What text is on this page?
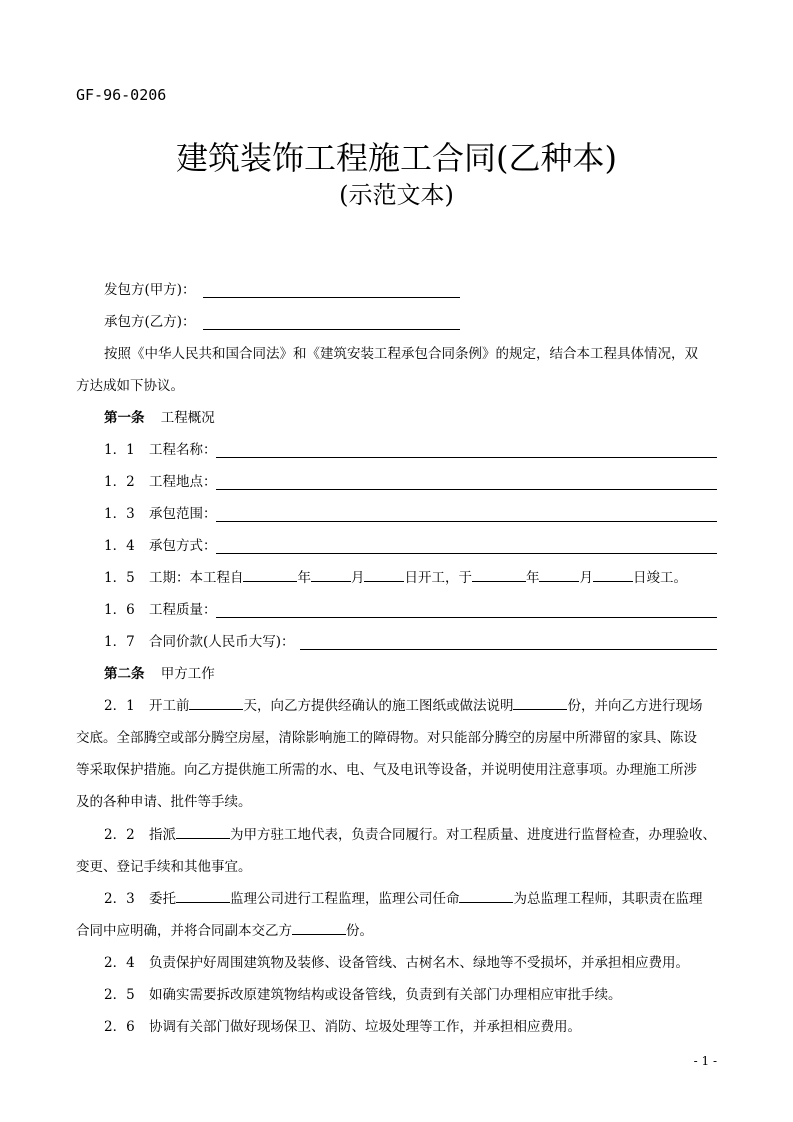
GF-96-0206
建筑装饰工程施工合同(乙种本)
(示范文本)
发包方(甲方)：
承包方(乙方)：
按照《中华人民共和国合同法》和《建筑安装工程承包合同条例》的规定，结合本工程具体情况，双
方达成如下协议。
第一条 工程概况
1．1 工程名称：
1．2 工程地点：
1．3 承包范围：
1．4 承包方式：
1．5 工期：本工程自	年	月	日开工，于	年	月	日竣工。
1．6 工程质量：
1．7 合同价款(人民币大写)：
第二条 甲方工作
2．1 开工前	天，向乙方提供经确认的施工图纸或做法说明	份，并向乙方进行现场
交底。全部腾空或部分腾空房屋，清除影响施工的障碍物。对只能部分腾空的房屋中所滞留的家具、陈设
等采取保护措施。向乙方提供施工所需的水、电、气及电讯等设备，并说明使用注意事项。办理施工所涉
及的各种申请、批件等手续。
2．2 指派	为甲方驻工地代表，负责合同履行。对工程质量、进度进行监督检查，办理验收、
变更、登记手续和其他事宜。
2．3 委托	监理公司进行工程监理，监理公司任命	为总监理工程师，其职责在监理
合同中应明确，并将合同副本交乙方	份。
2．4 负责保护好周围建筑物及装修、设备管线、古树名木、绿地等不受损坏，并承担相应费用。
2．5 如确实需要拆改原建筑物结构或设备管线，负责到有关部门办理相应审批手续。
2．6 协调有关部门做好现场保卫、消防、垃圾处理等工作，并承担相应费用。
- 1 -
